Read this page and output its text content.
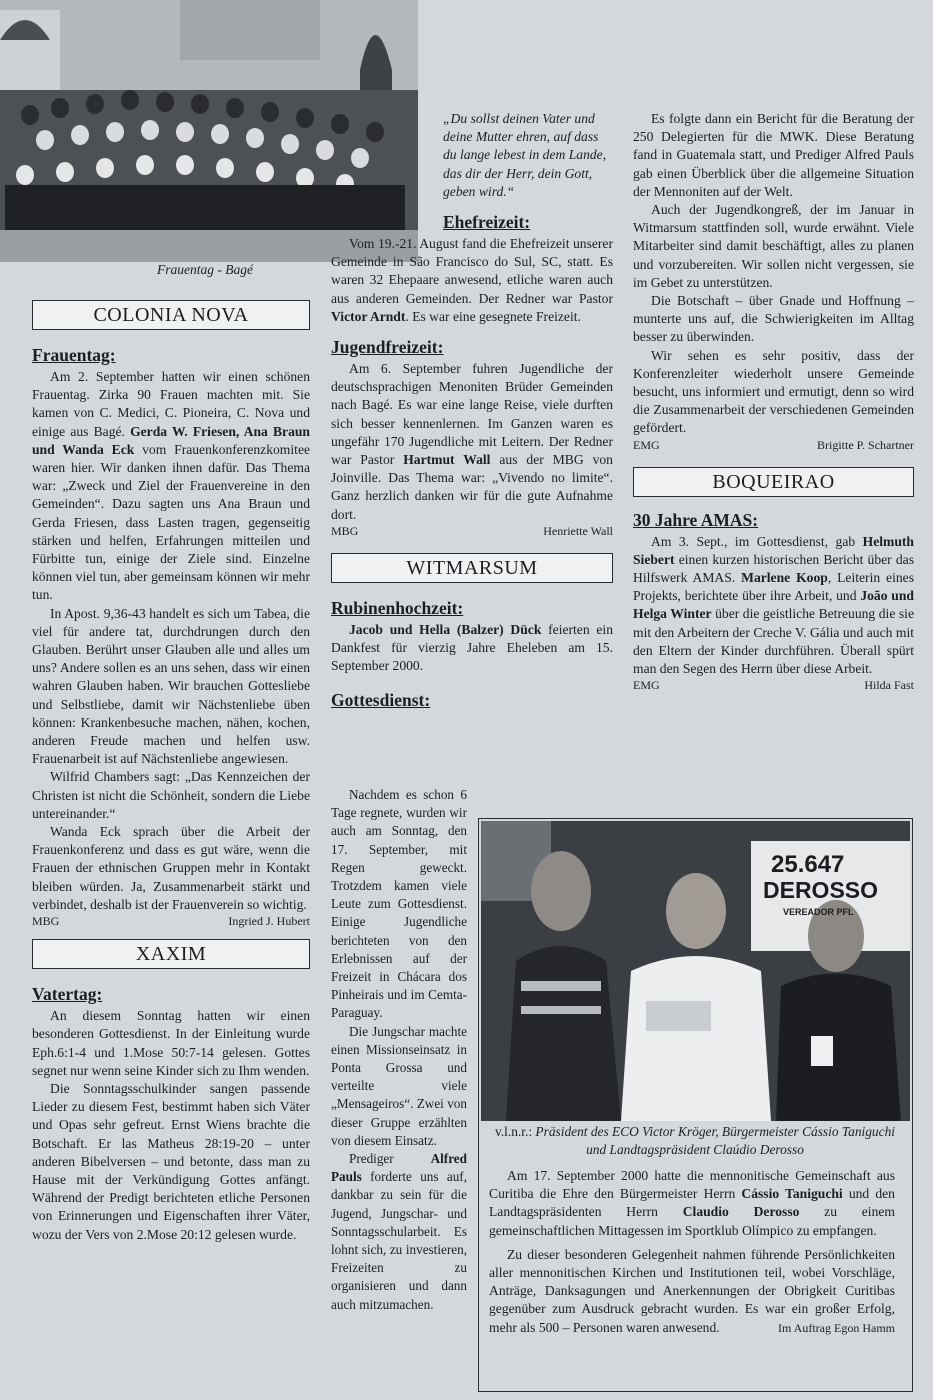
Frauentag - Bagé
COLONIA NOVA
Frauentag:

Am 2. September hatten wir einen schönen Frauentag. Zirka 90 Frauen machten mit. Sie kamen von C. Medici, C. Pioneira, C. Nova und einige aus Bagé. Gerda W. Friesen, Ana Braun und Wanda Eck vom Frauenkonferenzkomitee waren hier. Wir danken ihnen dafür. Das Thema war: „Zweck und Ziel der Frauenvereine in den Gemeinden“. Dazu sagten uns Ana Braun und Gerda Friesen, dass Lasten tragen, gegenseitig stärken und helfen, Erfahrungen mitteilen und Fürbitte tun, einige der Ziele sind. Einzelne können viel tun, aber gemeinsam können wir mehr tun.

In Apost. 9,36-43 handelt es sich um Tabea, die viel für andere tat, durchdrungen durch den Glauben. Berührt unser Glauben alle und alles um uns? Andere sollen es an uns sehen, dass wir einen wahren Glauben haben. Wir brauchen Gottesliebe und Selbstliebe, damit wir Nächstenliebe üben können: Krankenbesuche machen, nähen, kochen, anderen Freude machen und helfen usw. Frauenarbeit ist auf Nächstenliebe angewiesen.

Wilfrid Chambers sagt: „Das Kennzeichen der Christen ist nicht die Schönheit, sondern die Liebe untereinander.“

Wanda Eck sprach über die Arbeit der Frauenkonferenz und dass es gut wäre, wenn die Frauen der ethnischen Gruppen mehr in Kontakt bleiben würden. Ja, Zusammenarbeit stärkt und verbindet, deshalb ist der Frauenverein so wichtig.

MBG	Ingried J. Hubert
XAXIM
Vatertag:

An diesem Sonntag hatten wir einen besonderen Gottesdienst. In der Einleitung wurde Eph.6:1-4 und 1.Mose 50:7-14 gelesen. Gottes segnet nur wenn seine Kinder sich zu Ihm wenden.

Die Sonntagsschulkinder sangen passende Lieder zu diesem Fest, bestimmt haben sich Väter und Opas sehr gefreut. Ernst Wiens brachte die Botschaft. Er las Matheus 28:19-20 – unter anderen Bibelversen – und betonte, dass man zu Hause mit der Verkündigung Gottes anfängt. Während der Predigt berichteten etliche Personen von Erinnerungen und Eigenschaften ihrer Väter, wozu der Vers von 2.Mose 20:12 gelesen wurde.

„Du sollst deinen Vater und deine Mutter ehren, auf dass du lange lebest in dem Lande, das dir der Herr, dein Gott, geben wird.“

Ehefreizeit:

Vom 19.-21. August fand die Ehefreizeit unserer Gemeinde in São Francisco do Sul, SC, statt. Es waren 32 Ehepaare anwesend, etliche waren auch aus anderen Gemeinden. Der Redner war Pastor Victor Arndt. Es war eine gesegnete Freizeit.

Jugendfreizeit:

Am 6. September fuhren Jugendliche der deutschsprachigen Menoniten Brüder Gemeinden nach Bagé. Es war eine lange Reise, viele durften sich besser kennenlernen. Im Ganzen waren es ungefähr 170 Jugendliche mit Leitern. Der Redner war Pastor Hartmut Wall aus der MBG von Joinville. Das Thema war: „Vivendo no limite“. Ganz herzlich danken wir für die gute Aufnahme dort.

MBG	Henriette Wall
WITMARSUM
Rubinenhochzeit:

Jacob und Hella (Balzer) Dück feierten ein Dankfest für vierzig Jahre Eheleben am 15. September 2000.

Gottesdienst:

Nachdem es schon 6 Tage regnete, wurden wir auch am Sonntag, den 17. September, mit Regen geweckt. Trotzdem kamen viele Leute zum Gottesdienst. Einige Jugendliche berichteten von den Erlebnissen auf der Freizeit in Chácara dos Pinheirais und im Cemta-Paraguay.

Die Jungschar machte einen Missionseinsatz in Ponta Grossa und verteilte viele „Mensageiros“. Zwei von dieser Gruppe erzählten von diesem Einsatz.

Prediger Alfred Pauls forderte uns auf, dankbar zu sein für die Jugend, Jungschar- und Sonntagsschularbeit. Es lohnt sich, zu investieren, Freizeiten zu organisieren und dann auch mitzumachen.

Es folgte dann ein Bericht für die Beratung der 250 Delegierten für die MWK. Diese Beratung fand in Guatemala statt, und Prediger Alfred Pauls gab einen Überblick über die allgemeine Situation der Mennoniten auf der Welt.

Auch der Jugendkongreß, der im Januar in Witmarsum stattfinden soll, wurde erwähnt. Viele Mitarbeiter sind damit beschäftigt, alles zu planen und vorzubereiten. Wir sollen nicht vergessen, sie im Gebet zu unterstützen.

Die Botschaft – über Gnade und Hoffnung – munterte uns auf, die Schwierigkeiten im Alltag besser zu überwinden.

Wir sehen es sehr positiv, dass der Konferenzleiter wiederholt unsere Gemeinde besucht, uns informiert und ermutigt, denn so wird die Zusammenarbeit der verschiedenen Gemeinden gefördert.

EMG	Brigitte P. Schartner
BOQUEIRAO
30 Jahre AMAS:

Am 3. Sept., im Gottesdienst, gab Helmuth Siebert einen kurzen historischen Bericht über das Hilfswerk AMAS. Marlene Koop, Leiterin eines Projekts, berichtete über ihre Arbeit, und João und Helga Winter über die geistliche Betreuung die sie mit den Arbeitern der Creche V. Gália und auch mit den Eltern der Kinder durchführen. Überall spürt man den Segen des Herrn über diese Arbeit.

EMG	Hilda Fast
25.647
DEROSSO
VEREADOR PFL
v.l.n.r.: Präsident des ECO Victor Kröger, Bürgermeister Cássio Taniguchi und Landtagspräsident Claúdio Derosso

Am 17. September 2000 hatte die mennonitische Gemeinschaft aus Curitiba die Ehre den Bürgermeister Herrn Cássio Taniguchi und den Landtagspräsidenten Herrn Claudio Derosso zu einem gemeinschaftlichen Mittagessen im Sportklub Olímpico zu empfangen.

Zu dieser besonderen Gelegenheit nahmen führende Persönlichkeiten aller mennonitischen Kirchen und Institutionen teil, wobei Vorschläge, Anträge, Danksagungen und Anerkennungen der Obrigkeit Curitibas gegenüber zum Ausdruck gebracht wurden. Es war ein großer Erfolg, mehr als 500 – Personen waren anwesend.	Im Auftrag Egon Hamm
